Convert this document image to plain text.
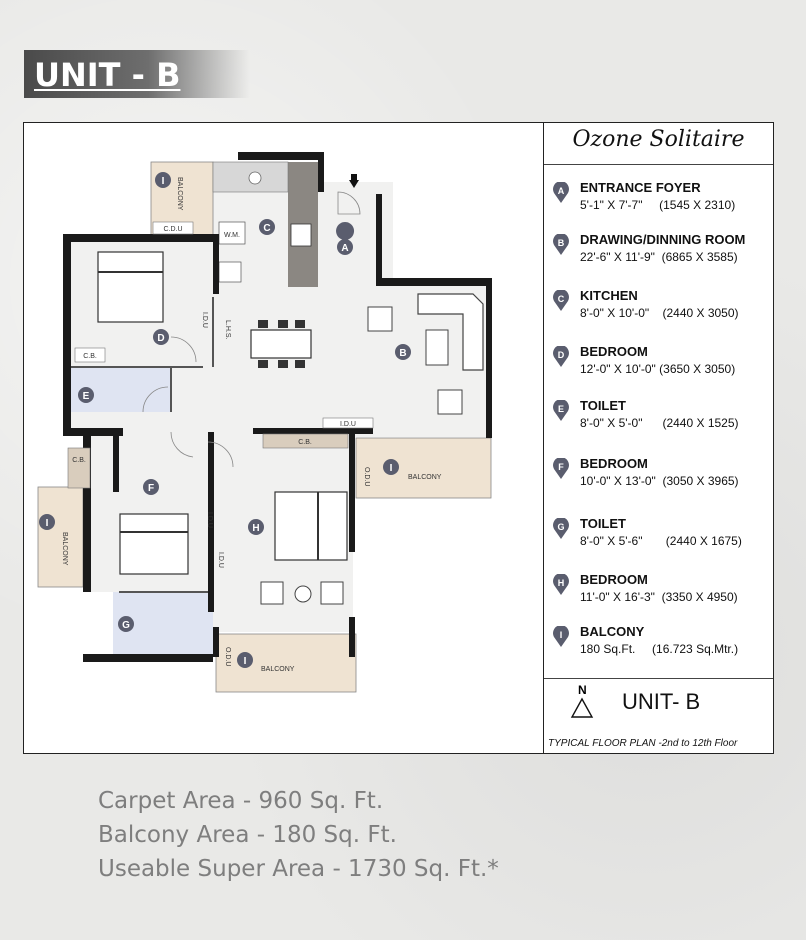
UNIT - B
W.M.
C.B.
C.B.
C.B.
C.D.U
I.D.U
L.H.S.
I.D.U
I.D.U
I.D.U
O.D.U
O.D.U
BALCONY
BALCONY
BALCONY
BALCONY
A
B
C
D
E
F
G
H
I
I
I
I
Ozone Solitaire
A ENTRANCE FOYER
5'-1" X 7'-7"     (1545 X 2310)
B DRAWING/DINNING ROOM
22'-6" X 11'-9"  (6865 X 3585)
C KITCHEN
8'-0" X 10'-0"    (2440 X 3050)
D BEDROOM
12'-0" X 10'-0" (3650 X 3050)
E TOILET
8'-0" X 5'-0"      (2440 X 1525)
F BEDROOM
10'-0" X 13'-0"  (3050 X 3965)
G TOILET
8'-0" X 5'-6"       (2440 X 1675)
H BEDROOM
11'-0" X 16'-3"  (3350 X 4950)
I BALCONY
180 Sq.Ft.     (16.723 Sq.Mtr.)
N UNIT- B
TYPICAL FLOOR PLAN -2nd to 12th Floor
Carpet Area - 960 Sq. Ft.
Balcony Area - 180 Sq. Ft.
Useable Super Area - 1730 Sq. Ft.*
